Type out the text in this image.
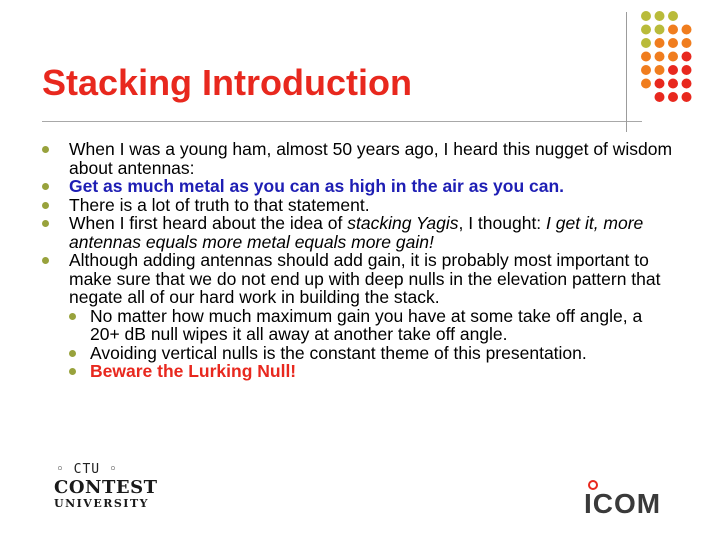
Stacking Introduction
When I was a young ham, almost 50 years ago, I heard this nugget of wisdom about antennas:
Get as much metal as you can as high in the air as you can.
There is a lot of truth to that statement.
When I first heard about the idea of stacking Yagis, I thought: I get it, more antennas equals more metal equals more gain!
Although adding antennas should add gain, it is probably most important to make sure that we do not end up with deep nulls in the elevation pattern that negate all of our hard work in building the stack.
No matter how much maximum gain you have at some take off angle, a 20+ dB null wipes it all away at another take off angle.
Avoiding vertical nulls is the constant theme of this presentation.
Beware the Lurking Null!
◦ CTU ◦
CONTEST
UNIVERSITY	ICOM
